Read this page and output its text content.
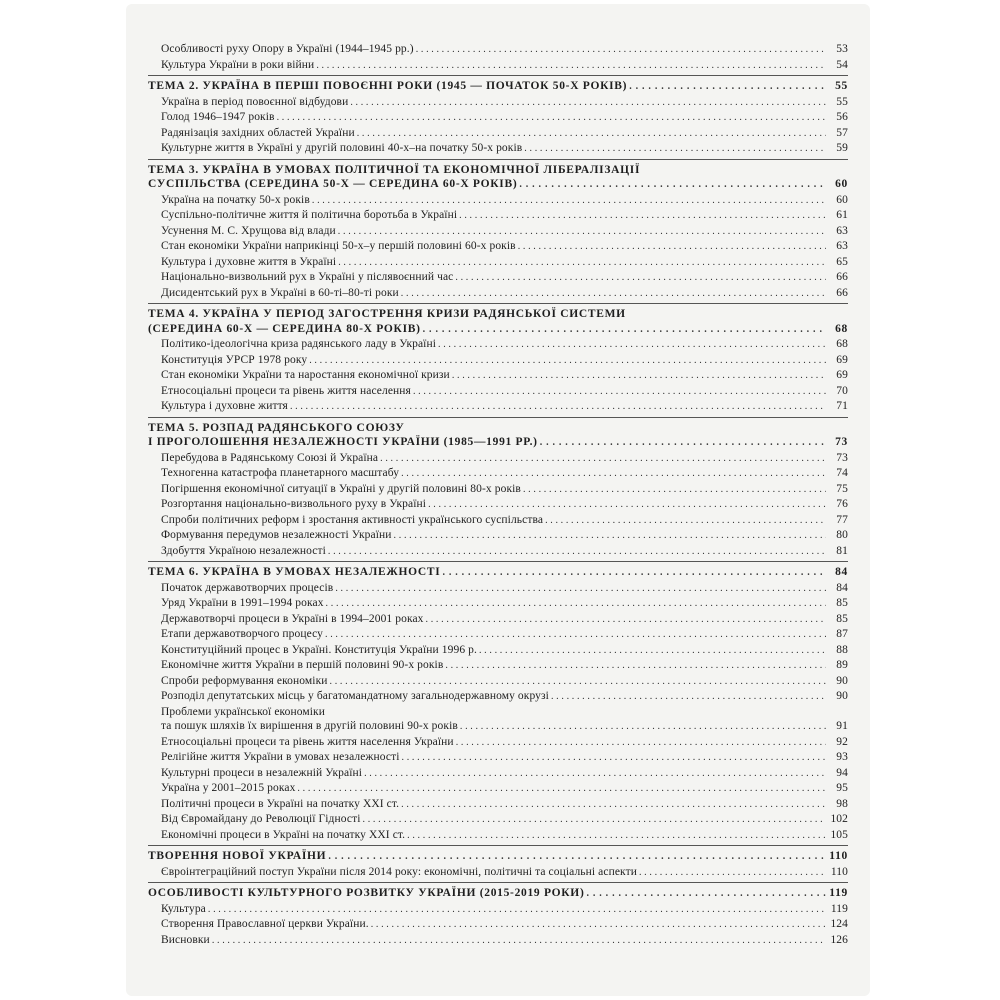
Особливості руху Опору в Україні (1944–1945 рр.) . . .	53
Культура України в роки війни . . .	54
ТЕМА 2. УКРАЇНА В ПЕРШІ ПОВОЄННІ РОКИ (1945 — ПОЧАТОК 50-Х РОКІВ) . . .	55
Україна в період повоєнної відбудови . . .	55
Голод 1946–1947 років . . .	56
Радянізація західних областей України . . .	57
Культурне життя в Україні у другій половині 40-х–на початку 50-х років . . .	59
ТЕМА 3. УКРАЇНА В УМОВАХ ПОЛІТИЧНОЇ ТА ЕКОНОМІЧНОЇ ЛІБЕРАЛІЗАЦІЇ
СУСПІЛЬСТВА (СЕРЕДИНА 50-Х — СЕРЕДИНА 60-Х РОКІВ) . . .	60
Україна на початку 50-х років . . .	60
Суспільно-політичне життя й політична боротьба в Україні . . .	61
Усунення М. С. Хрущова від влади . . .	63
Стан економіки України наприкінці 50-х–у першій половині 60-х років . . .	63
Культура і духовне життя в Україні . . .	65
Національно-визвольний рух в Україні у післявоєнний час . . .	66
Дисидентський рух в Україні в 60-ті–80-ті роки . . .	66
ТЕМА 4. УКРАЇНА У ПЕРІОД ЗАГОСТРЕННЯ КРИЗИ РАДЯНСЬКОЇ СИСТЕМИ
(СЕРЕДИНА 60-Х — СЕРЕДИНА 80-Х РОКІВ) . . .	68
Політико-ідеологічна криза радянського ладу в Україні . . .	68
Конституція УРСР 1978 року . . .	69
Стан економіки України та наростання економічної кризи . . .	69
Етносоціальні процеси та рівень життя населення . . .	70
Культура і духовне життя . . .	71
ТЕМА 5. РОЗПАД РАДЯНСЬКОГО СОЮЗУ
І ПРОГОЛОШЕННЯ НЕЗАЛЕЖНОСТІ УКРАЇНИ (1985—1991 РР.) . . .	73
Перебудова в Радянському Союзі й Україна . . .	73
Техногенна катастрофа планетарного масштабу . . .	74
Погіршення економічної ситуації в Україні у другій половині 80-х років . . .	75
Розгортання національно-визвольного руху в Україні . . .	76
Спроби політичних реформ і зростання активності українського суспільства . . .	77
Формування передумов незалежності України . . .	80
Здобуття Україною незалежності . . .	81
ТЕМА 6. УКРАЇНА В УМОВАХ НЕЗАЛЕЖНОСТІ . . .	84
Початок державотворчих процесів . . .	84
Уряд України в 1991–1994 роках . . .	85
Державотворчі процеси в Україні в 1994–2001 роках . . .	85
Етапи державотворчого процесу . . .	87
Конституційний процес в Україні. Конституція України 1996 р. . . .	88
Економічне життя України в першій половині 90-х років . . .	89
Спроби реформування економіки . . .	90
Розподіл депутатських місць у багатомандатному загальнодержавному окрузі . . .	90
Проблеми української економіки
та пошук шляхів їх вирішення в другій половині 90-х років . . .	91
Етносоціальні процеси та рівень життя населення України . . .	92
Релігійне життя України в умовах незалежності . . .	93
Культурні процеси в незалежній Україні . . .	94
Україна у 2001–2015 роках . . .	95
Політичні процеси в Україні на початку XXI ст. . . .	98
Від Євромайдану до Революції Гідності . . .	102
Економічні процеси в Україні на початку XXI ст. . . .	105
ТВОРЕННЯ НОВОЇ УКРАЇНИ . . .	110
Євроінтеграційний поступ України після 2014 року: економічні, політичні та соціальні аспекти . . .	110
ОСОБЛИВОСТІ КУЛЬТУРНОГО РОЗВИТКУ УКРАЇНИ (2015-2019 РОКИ) . . .	119
Культура . . .	119
Створення Православної церкви України. . . .	124
Висновки . . .	126
